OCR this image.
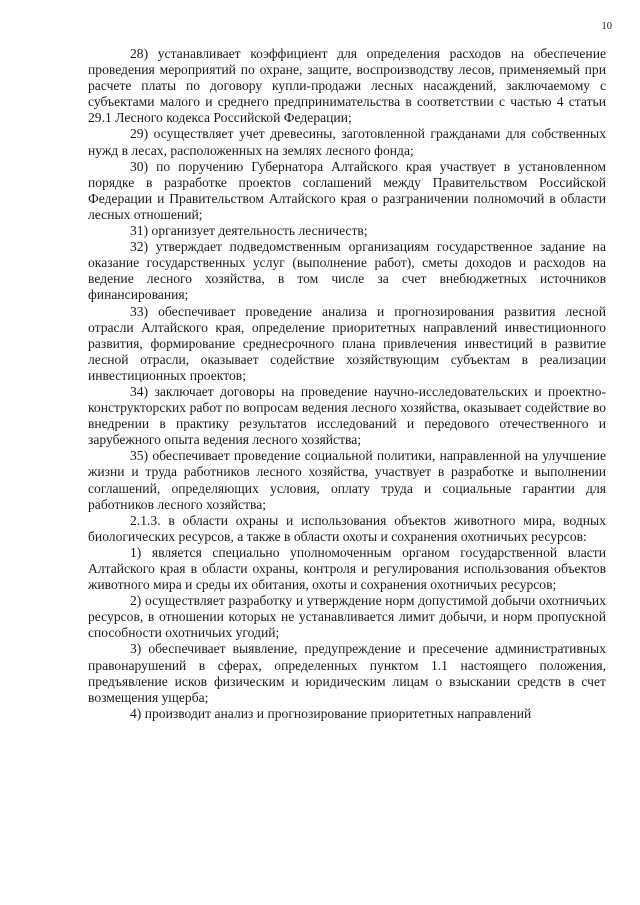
10

28) устанавливает коэффициент для определения расходов на обеспечение проведения мероприятий по охране, защите, воспроизводству лесов, применяемый при расчете платы по договору купли-продажи лесных насаждений, заключаемому с субъектами малого и среднего предпринимательства в соответствии с частью 4 статьи 29.1 Лесного кодекса Российской Федерации;

29) осуществляет учет древесины, заготовленной гражданами для собственных нужд в лесах, расположенных на землях лесного фонда;

30) по поручению Губернатора Алтайского края участвует в установленном порядке в разработке проектов соглашений между Правительством Российской Федерации и Правительством Алтайского края о разграничении полномочий в области лесных отношений;

31) организует деятельность лесничеств;

32) утверждает подведомственным организациям государственное задание на оказание государственных услуг (выполнение работ), сметы доходов и расходов на ведение лесного хозяйства, в том числе за счет внебюджетных источников финансирования;

33) обеспечивает проведение анализа и прогнозирования развития лесной отрасли Алтайского края, определение приоритетных направлений инвестиционного развития, формирование среднесрочного плана привлечения инвестиций в развитие лесной отрасли, оказывает содействие хозяйствующим субъектам в реализации инвестиционных проектов;

34) заключает договоры на проведение научно-исследовательских и проектно-конструкторских работ по вопросам ведения лесного хозяйства, оказывает содействие во внедрении в практику результатов исследований и передового отечественного и зарубежного опыта ведения лесного хозяйства;

35) обеспечивает проведение социальной политики, направленной на улучшение жизни и труда работников лесного хозяйства, участвует в разработке и выполнении соглашений, определяющих условия, оплату труда и социальные гарантии для работников лесного хозяйства;

2.1.3. в области охраны и использования объектов животного мира, водных биологических ресурсов, а также в области охоты и сохранения охотничьих ресурсов:

1) является специально уполномоченным органом государственной власти Алтайского края в области охраны, контроля и регулирования использования объектов животного мира и среды их обитания, охоты и сохранения охотничьих ресурсов;

2) осуществляет разработку и утверждение норм допустимой добычи охотничьих ресурсов, в отношении которых не устанавливается лимит добычи, и норм пропускной способности охотничьих угодий;

3) обеспечивает выявление, предупреждение и пресечение административных правонарушений в сферах, определенных пунктом 1.1 настоящего положения, предъявление исков физическим и юридическим лицам о взыскании средств в счет возмещения ущерба;

4) производит анализ и прогнозирование приоритетных направлений
